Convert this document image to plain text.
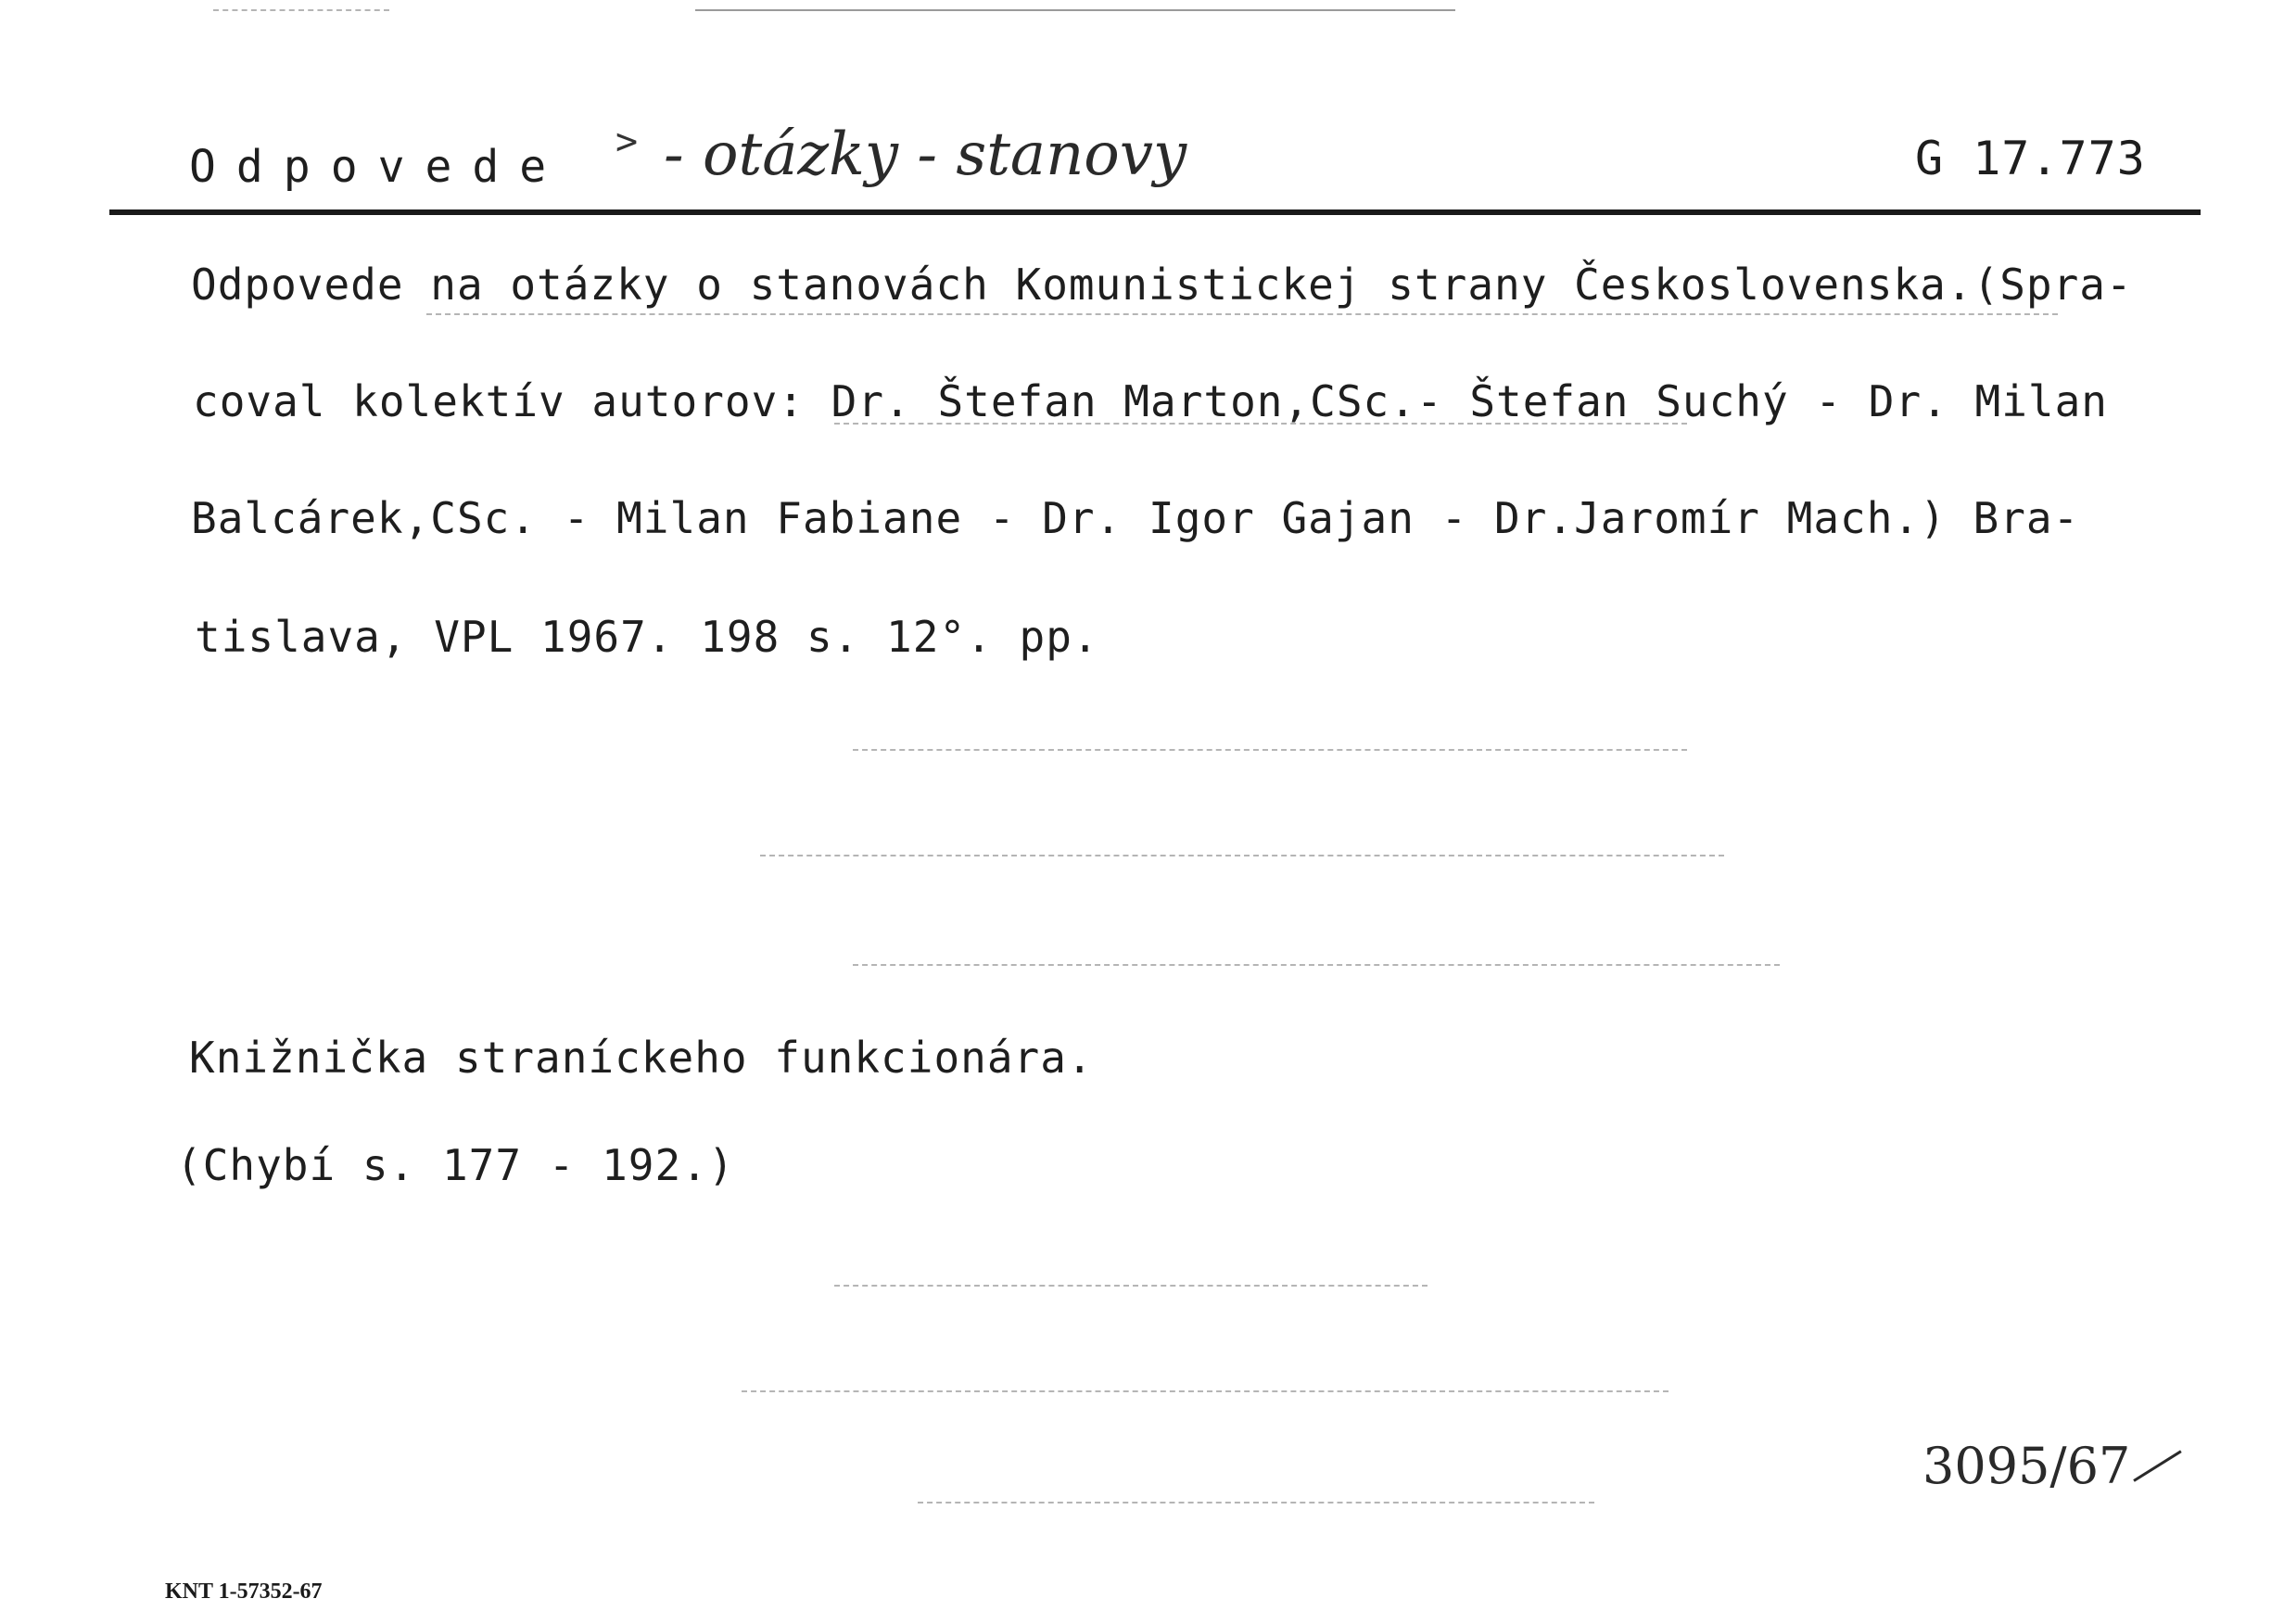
Odpovede > - otázky - stanovy	G 17.773
Odpovede na otázky o stanovách Komunistickej strany Československa.(Spra-
coval kolektív autorov: Dr. Štefan Marton,CSc.- Štefan Suchý - Dr. Milan
Balcárek,CSc. - Milan Fabiane - Dr. Igor Gajan - Dr.Jaromír Mach.) Bra-
tislava, VPL 1967. 198 s. 12°. pp.
Knižnička straníckeho funkcionára.
(Chybí s. 177 - 192.)
3095/67
KNT 1-57352-67
